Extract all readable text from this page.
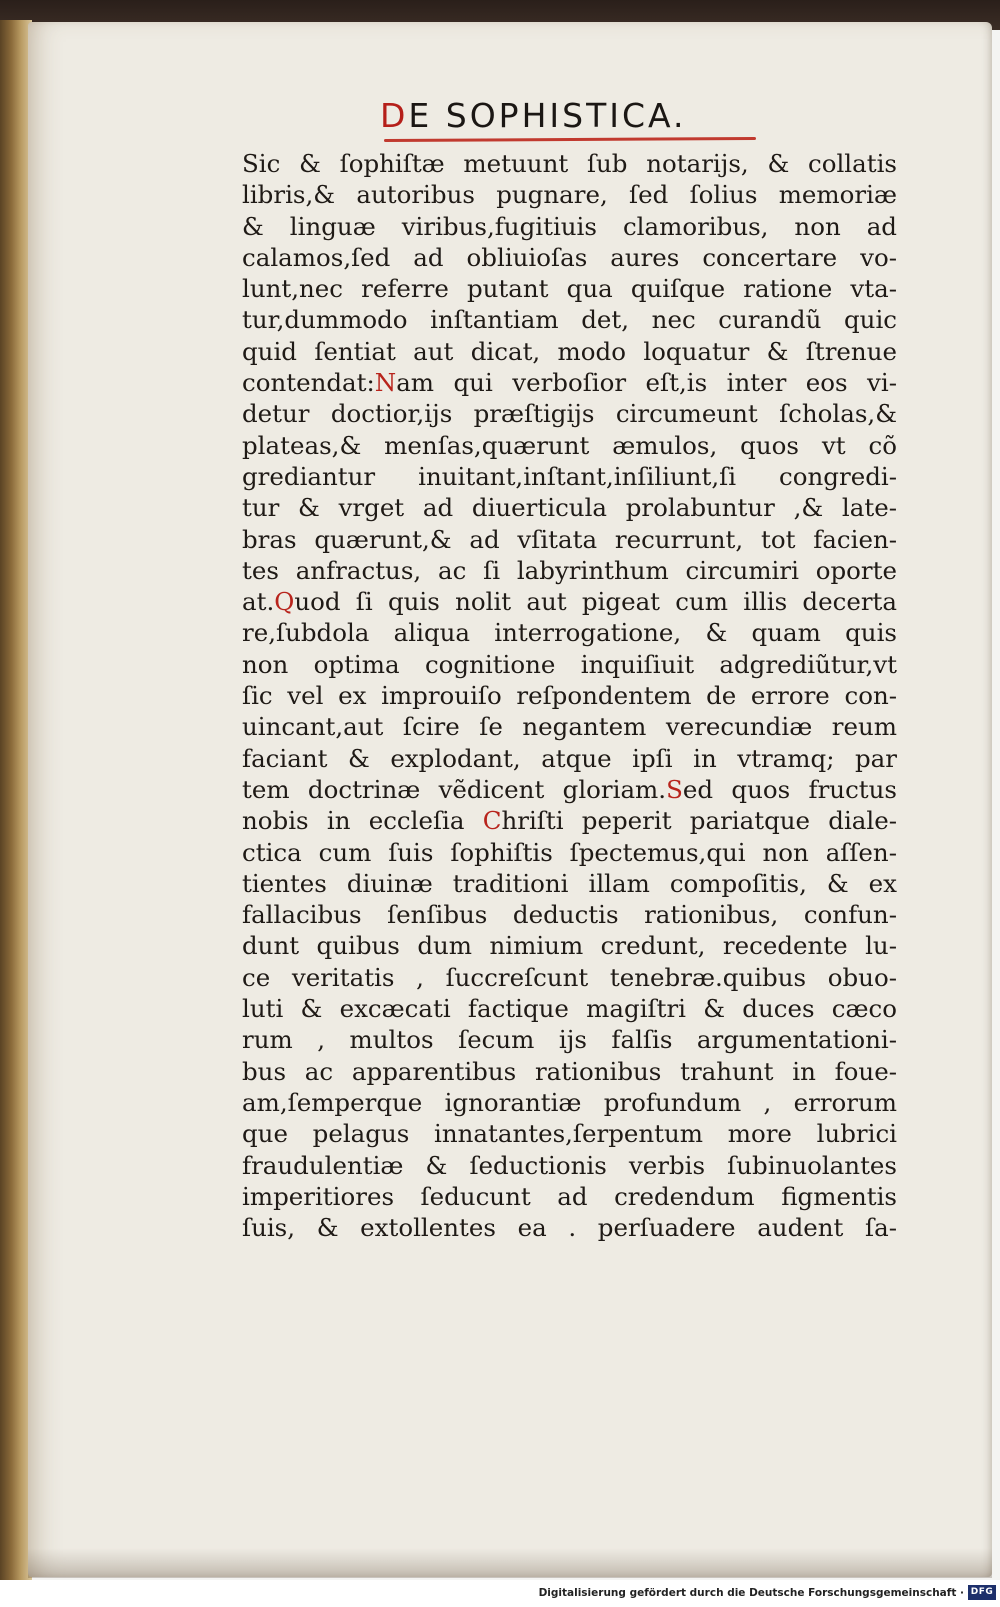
DE SOPHISTICA.
Sic & ſophiſtæ metuunt ſub notarijs, & collatis
libris,& autoribus pugnare, ſed ſolius memoriæ
& linguæ viribus,fugitiuis clamoribus, non ad
calamos,ſed ad obliuioſas aures concertare vo-
lunt,nec referre putant qua quiſque ratione vta-
tur,dummodo inſtantiam det, nec curandũ quic
quid ſentiat aut dicat, modo loquatur & ſtrenue
contendat:Nam qui verboſior eſt,is inter eos vi-
detur doctior,ijs præſtigijs circumeunt ſcholas,&
plateas,& menſas,quærunt æmulos, quos vt cõ
grediantur inuitant,inſtant,inſiliunt,ſi congredi-
tur & vrget ad diuerticula prolabuntur ,& late-
bras quærunt,& ad vſitata recurrunt, tot facien-
tes anfractus, ac ſi labyrinthum circumiri oporte
at.Quod ſi quis nolit aut pigeat cum illis decerta
re,ſubdola aliqua interrogatione, & quam quis
non optima cognitione inquiſiuit adgrediũtur,vt
ſic vel ex improuiſo reſpondentem de errore con-
uincant,aut ſcire ſe negantem verecundiæ reum
faciant & explodant, atque ipſi in vtramq; par
tem doctrinæ vẽdicent gloriam.Sed quos fructus
nobis in eccleſia Chriſti peperit pariatque diale-
ctica cum ſuis ſophiſtis ſpectemus,qui non aſſen-
tientes diuinæ traditioni illam compoſitis, & ex
fallacibus ſenſibus deductis rationibus, confun-
dunt quibus dum nimium credunt, recedente lu-
ce veritatis , ſuccreſcunt tenebræ.quibus obuo-
luti & excæcati factique magiſtri & duces cæco
rum , multos ſecum ijs falſis argumentationi-
bus ac apparentibus rationibus trahunt in foue-
am,ſemperque ignorantiæ profundum , errorum
que pelagus innatantes,ſerpentum more lubrici
fraudulentiæ & ſeductionis verbis ſubinuolantes
imperitiores ſeducunt ad credendum figmentis
ſuis, & extollentes ea . perſuadere audent ſa-
Digitalisierung gefördert durch die Deutsche Forschungsgemeinschaft · DFG
